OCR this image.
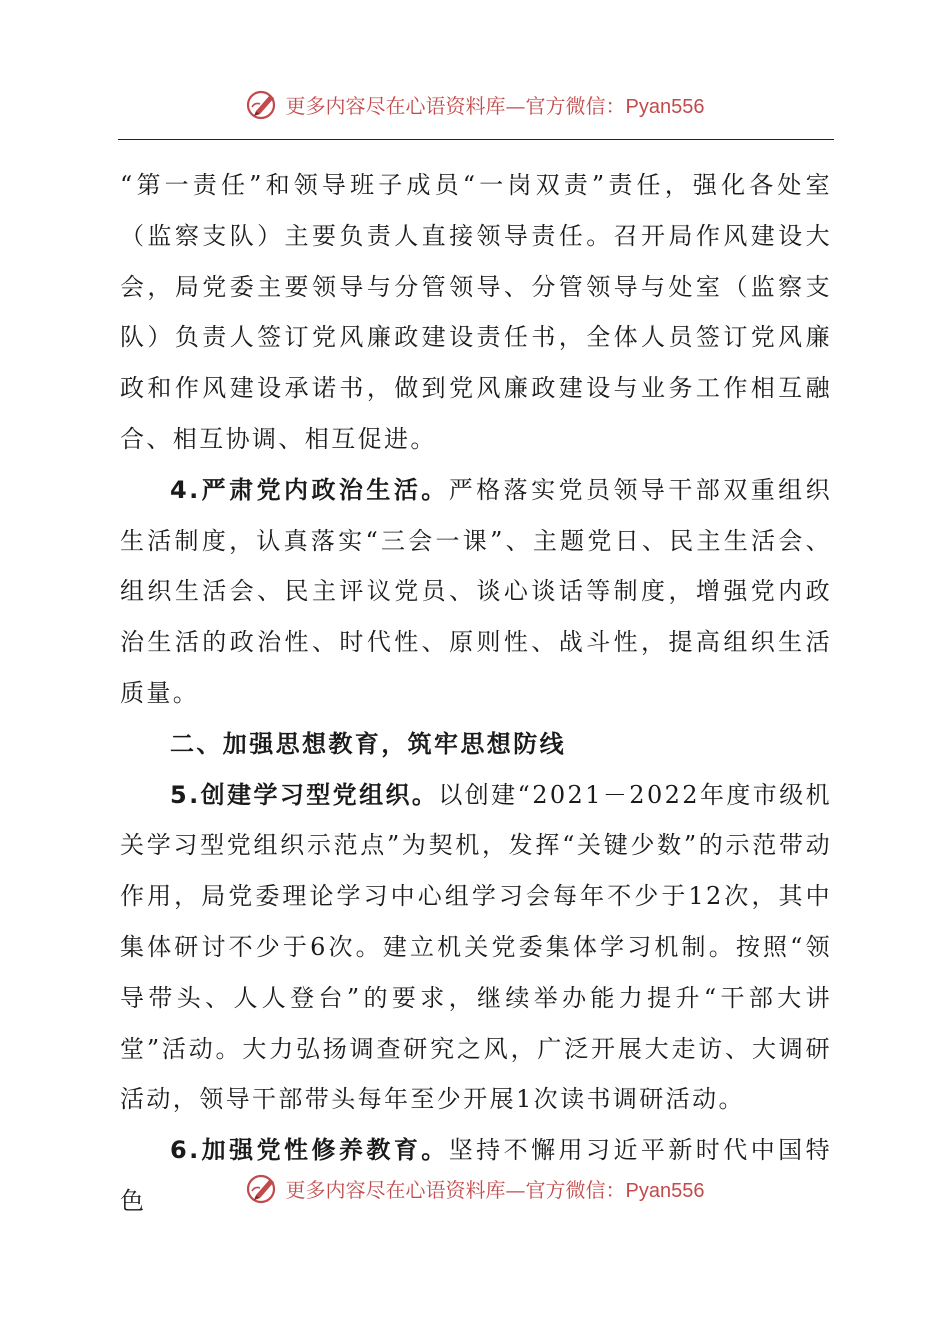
更多内容尽在心语资料库—官方微信：Pyan556

“第一责任”和领导班子成员“一岗双责”责任，强化各处室（监察支队）主要负责人直接领导责任。召开局作风建设大会，局党委主要领导与分管领导、分管领导与处室（监察支队）负责人签订党风廉政建设责任书，全体人员签订党风廉政和作风建设承诺书，做到党风廉政建设与业务工作相互融合、相互协调、相互促进。

4.严肃党内政治生活。严格落实党员领导干部双重组织生活制度，认真落实“三会一课”、主题党日、民主生活会、组织生活会、民主评议党员、谈心谈话等制度，增强党内政治生活的政治性、时代性、原则性、战斗性，提高组织生活质量。

二、加强思想教育，筑牢思想防线

5.创建学习型党组织。以创建“2021－2022年度市级机关学习型党组织示范点”为契机，发挥“关键少数”的示范带动作用，局党委理论学习中心组学习会每年不少于12次，其中集体研讨不少于6次。建立机关党委集体学习机制。按照“领导带头、人人登台”的要求，继续举办能力提升“干部大讲堂”活动。大力弘扬调查研究之风，广泛开展大走访、大调研活动，领导干部带头每年至少开展1次读书调研活动。

6.加强党性修养教育。坚持不懈用习近平新时代中国特色	更多内容尽在心语资料库—官方微信：Pyan556
